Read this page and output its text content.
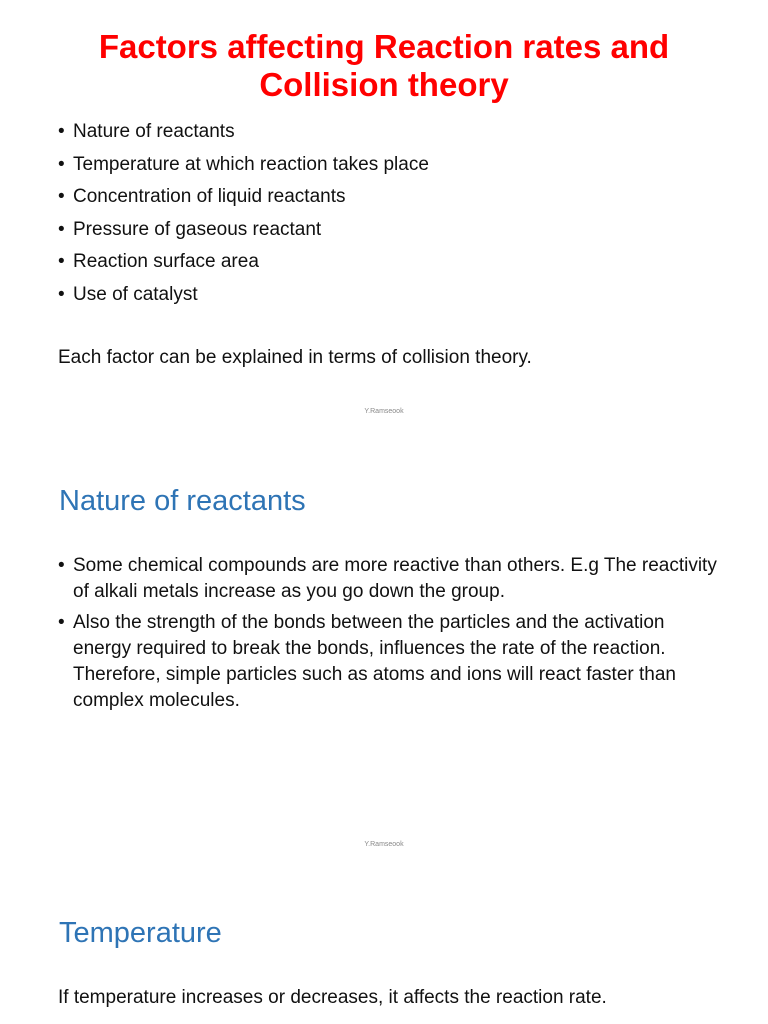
Factors affecting Reaction rates and Collision theory
• Nature of reactants
• Temperature at which reaction takes place
• Concentration of liquid reactants
• Pressure of gaseous reactant
• Reaction surface area
• Use of catalyst

Each factor can be explained in terms of collision theory.

Y.Ramseook
Nature of reactants
• Some chemical compounds are more reactive than others. E.g The reactivity of alkali metals increase as you go down the group.
• Also the strength of the bonds between the particles and the activation energy required to break the bonds, influences the rate of the reaction. Therefore, simple particles such as atoms and ions will react faster than complex molecules.
Y.Ramseook
Temperature

If temperature increases or decreases, it affects the reaction rate.
